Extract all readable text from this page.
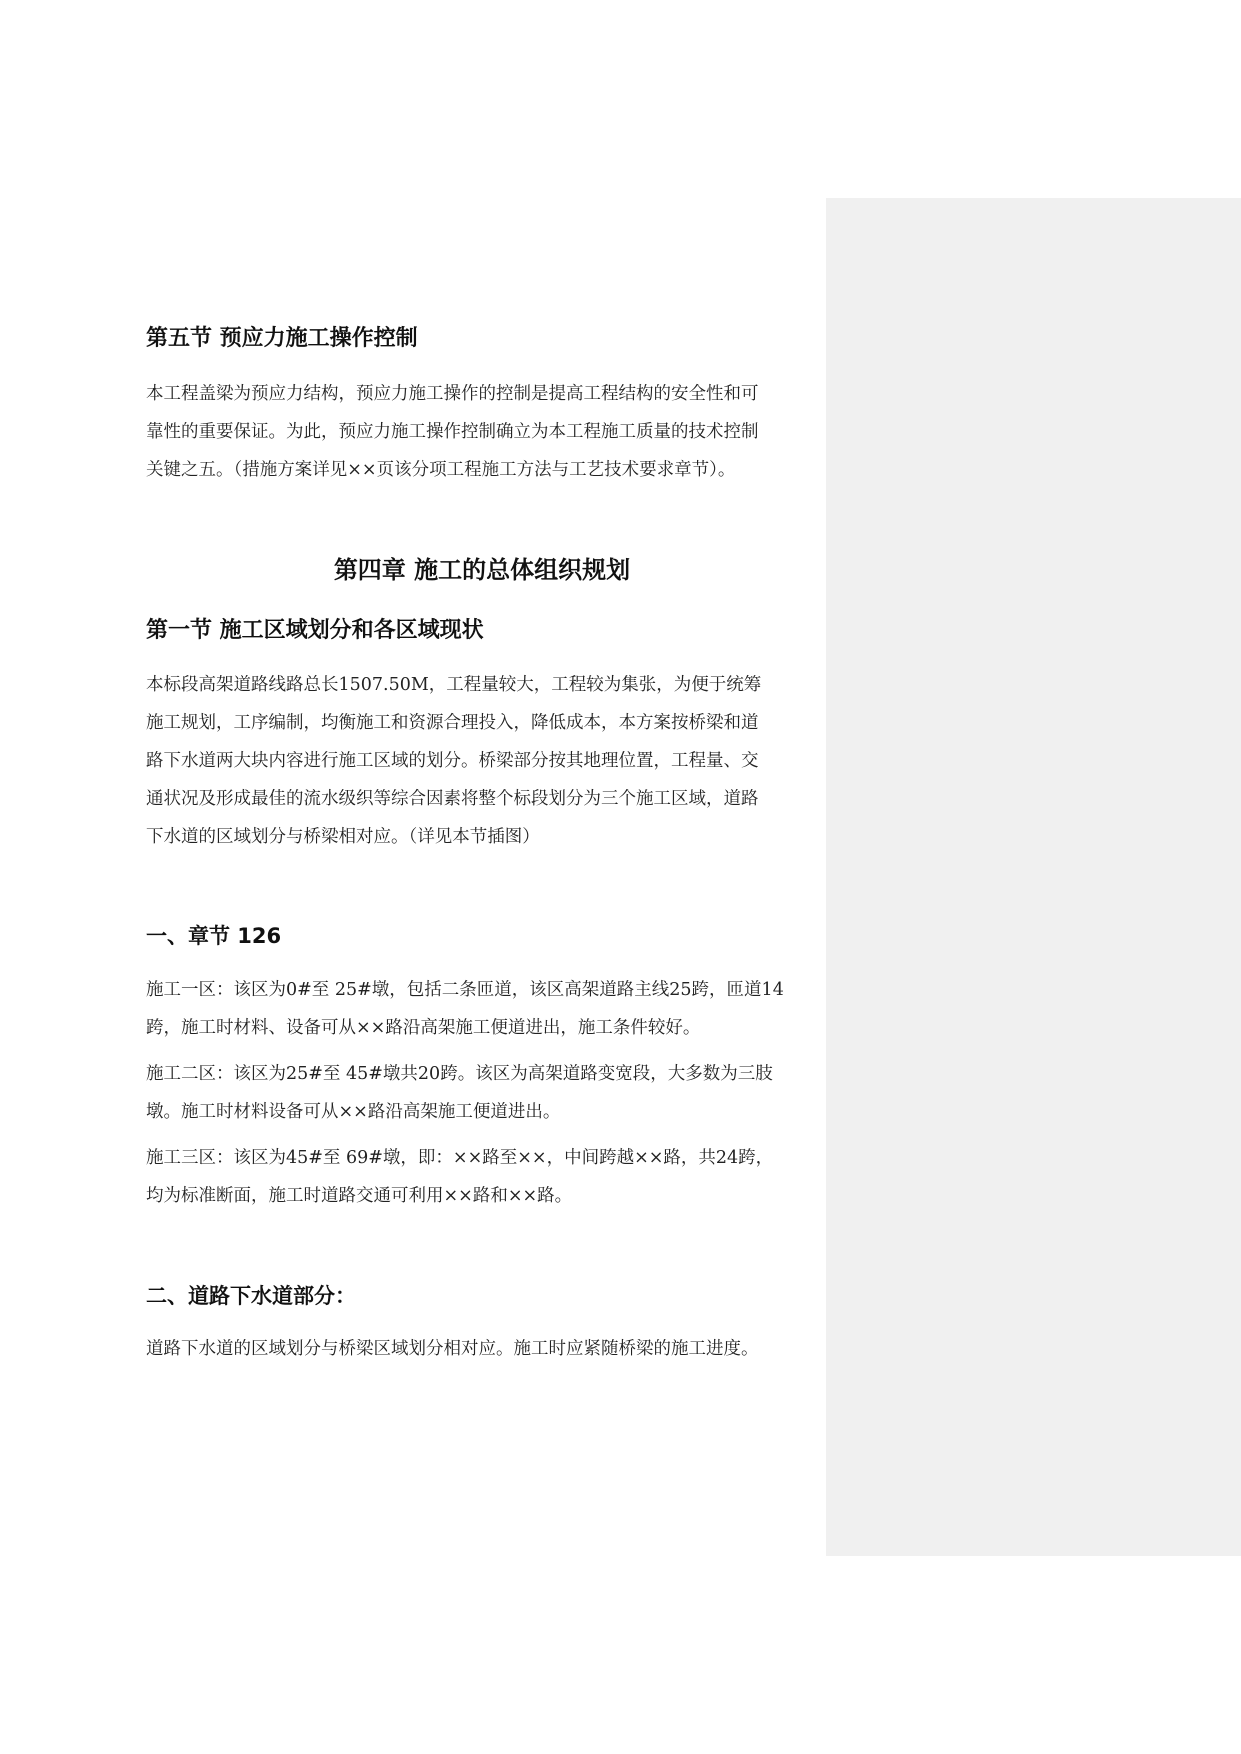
第五节 预应力施工操作控制
本工程盖梁为预应力结构，预应力施工操作的控制是提高工程结构的安全性和可
靠性的重要保证。为此，预应力施工操作控制确立为本工程施工质量的技术控制
关键之五。（措施方案详见××页该分项工程施工方法与工艺技术要求章节）。
第四章 施工的总体组织规划
第一节 施工区域划分和各区域现状
本标段高架道路线路总长1507.50M，工程量较大，工程较为集张，为便于统筹
施工规划，工序编制，均衡施工和资源合理投入，降低成本，本方案按桥梁和道
路下水道两大块内容进行施工区域的划分。桥梁部分按其地理位置，工程量、交
通状况及形成最佳的流水级织等综合因素将整个标段划分为三个施工区域，道路
下水道的区域划分与桥梁相对应。（详见本节插图）
一、章节 126
施工一区：该区为0#至 25#墩，包括二条匝道，该区高架道路主线25跨，匝道14
跨，施工时材料、设备可从××路沿高架施工便道进出，施工条件较好。
施工二区：该区为25#至 45#墩共20跨。该区为高架道路变宽段，大多数为三肢
墩。施工时材料设备可从××路沿高架施工便道进出。
施工三区：该区为45#至 69#墩，即：××路至××，中间跨越××路，共24跨，
均为标准断面，施工时道路交通可利用××路和××路。
二、道路下水道部分：
道路下水道的区域划分与桥梁区域划分相对应。施工时应紧随桥梁的施工进度。
